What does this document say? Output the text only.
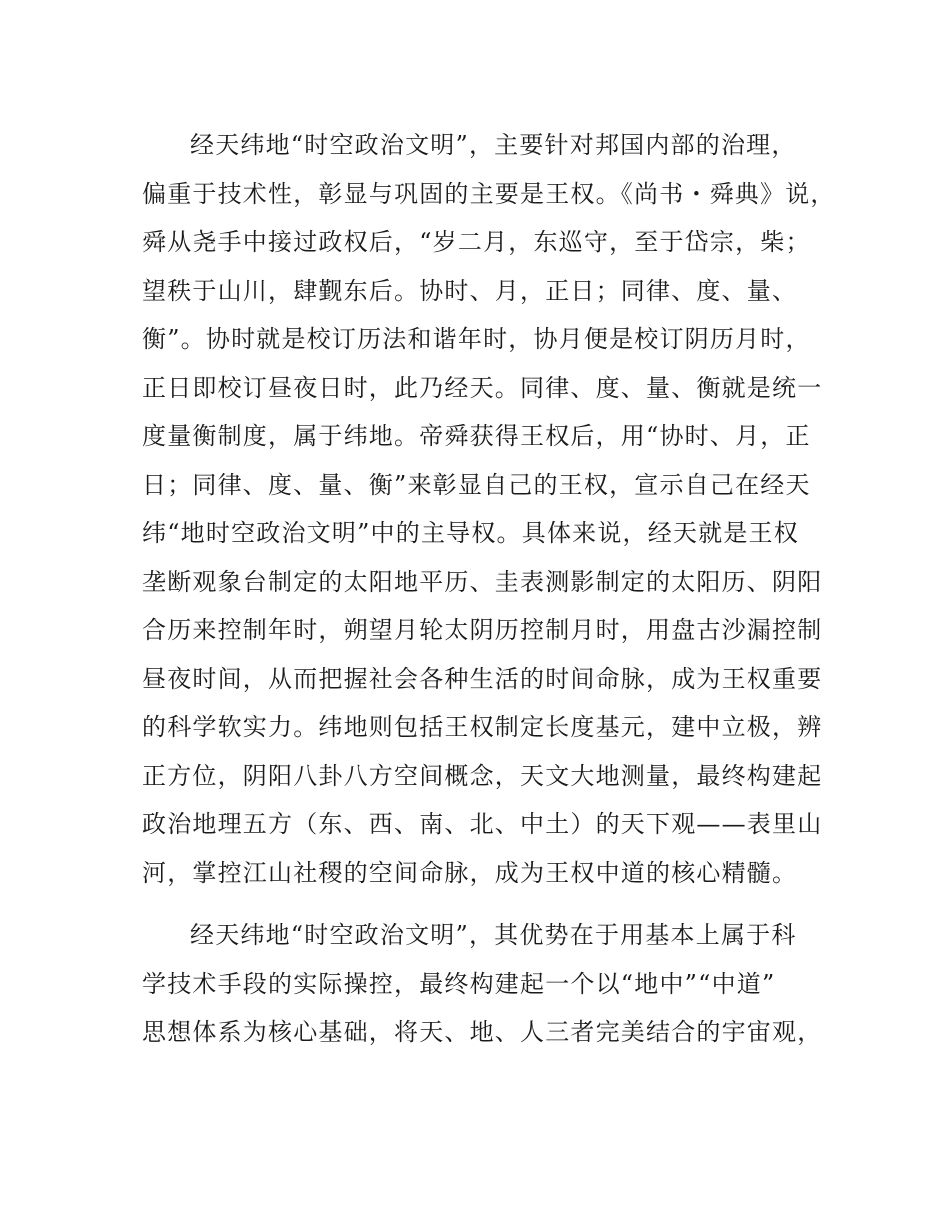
经天纬地“时空政治文明”，主要针对邦国内部的治理，
偏重于技术性，彰显与巩固的主要是王权。《尚书・舜典》说，
舜从尧手中接过政权后，“岁二月，东巡守，至于岱宗，柴；
望秩于山川，肆觐东后。协时、月，正日；同律、度、量、
衡”。协时就是校订历法和谐年时，协月便是校订阴历月时，
正日即校订昼夜日时，此乃经天。同律、度、量、衡就是统一
度量衡制度，属于纬地。帝舜获得王权后，用“协时、月，正
日；同律、度、量、衡”来彰显自己的王权，宣示自己在经天
纬“地时空政治文明”中的主导权。具体来说，经天就是王权
垄断观象台制定的太阳地平历、圭表测影制定的太阳历、阴阳
合历来控制年时，朔望月轮太阴历控制月时，用盘古沙漏控制
昼夜时间，从而把握社会各种生活的时间命脉，成为王权重要
的科学软实力。纬地则包括王权制定长度基元，建中立极，辨
正方位，阴阳八卦八方空间概念，天文大地测量，最终构建起
政治地理五方（东、西、南、北、中土）的天下观——表里山
河，掌控江山社稷的空间命脉，成为王权中道的核心精髓。
经天纬地“时空政治文明”，其优势在于用基本上属于科
学技术手段的实际操控，最终构建起一个以“地中”“中道”
思想体系为核心基础，将天、地、人三者完美结合的宇宙观，
